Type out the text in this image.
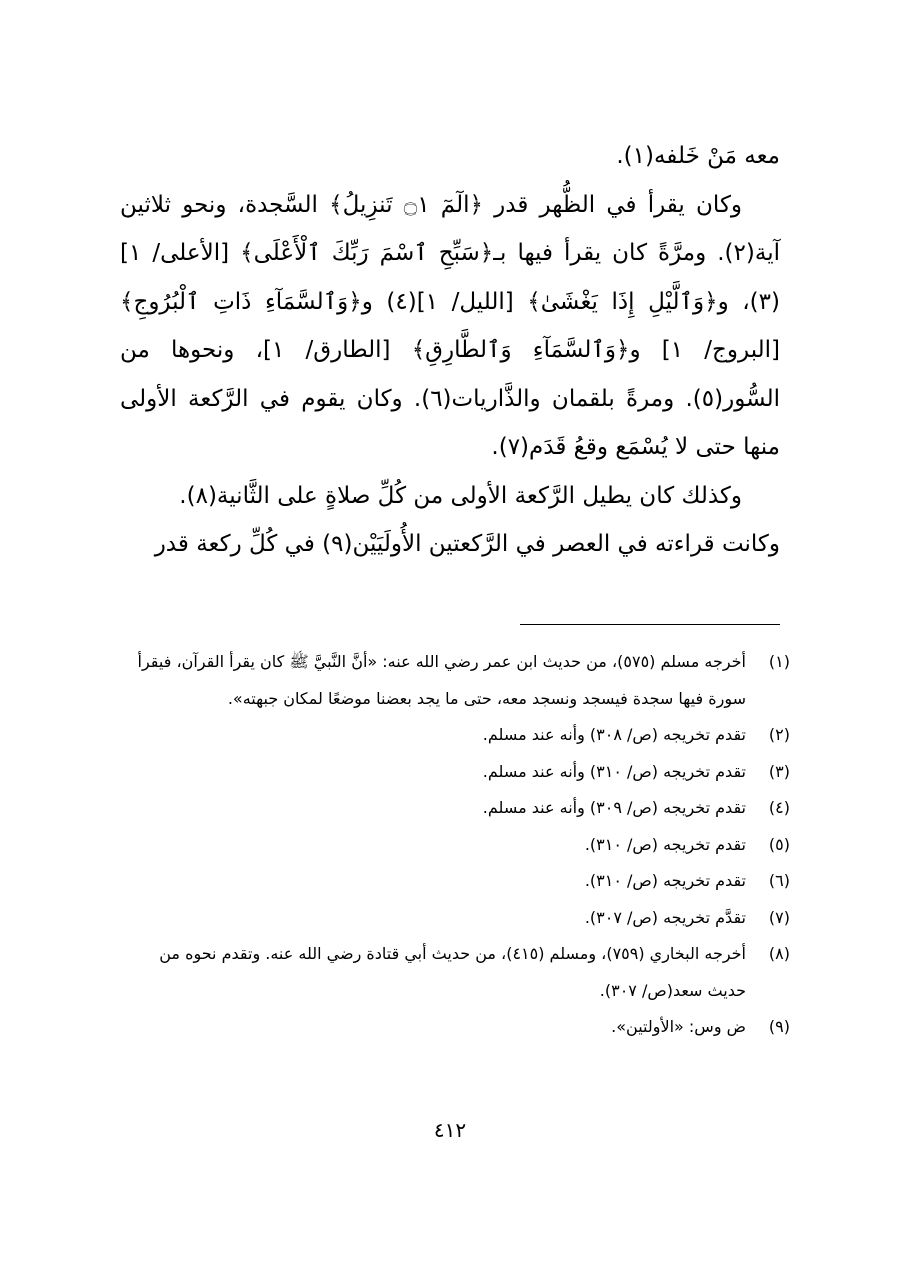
معه مَنْ خَلفه(١).

وكان يقرأ في الظُّهر قدر ﴿الٓمٓ ۝١ تَنزِيلُ﴾ السَّجدة، ونحو ثلاثين آية(٢). ومرَّةً كان يقرأ فيها بـ﴿سَبِّحِ ٱسْمَ رَبِّكَ ٱلْأَعْلَى﴾ [الأعلى/ ١](٣)، و﴿وَٱلَّيْلِ إِذَا يَغْشَىٰ﴾ [الليل/ ١](٤) و﴿وَٱلسَّمَآءِ ذَاتِ ٱلْبُرُوجِ﴾ [البروج/ ١] و﴿وَٱلسَّمَآءِ وَٱلطَّارِقِ﴾ [الطارق/ ١]، ونحوها من السُّور(٥). ومرةً بلقمان والذَّاريات(٦). وكان يقوم في الرَّكعة الأولى منها حتى لا يُسْمَع وقعُ قَدَم(٧).

وكذلك كان يطيل الرَّكعة الأولى من كُلِّ صلاةٍ على الثَّانية(٨).

وكانت قراءته في العصر في الرَّكعتين الأُولَيَيْن(٩) في كُلِّ ركعة قدر

(١)
أخرجه مسلم (٥٧٥)، من حديث ابن عمر رضي الله عنه: «أنَّ النَّبيَّ ﷺ كان يقرأ القرآن، فيقرأ سورة فيها سجدة فيسجد ونسجد معه، حتى ما يجد بعضنا موضعًا لمكان جبهته».
(٢)
تقدم تخريجه (ص/ ٣٠٨) وأنه عند مسلم.
(٣)
تقدم تخريجه (ص/ ٣١٠) وأنه عند مسلم.
(٤)
تقدم تخريجه (ص/ ٣٠٩) وأنه عند مسلم.
(٥)
تقدم تخريجه (ص/ ٣١٠).
(٦)
تقدم تخريجه (ص/ ٣١٠).
(٧)
تقدَّم تخريجه (ص/ ٣٠٧).
(٨)
أخرجه البخاري (٧٥٩)، ومسلم (٤١٥)، من حديث أبي قتادة رضي الله عنه. وتقدم نحوه من حديث سعد(ص/ ٣٠٧).
(٩)
ض وس: «الأولتين».
٤١٢
